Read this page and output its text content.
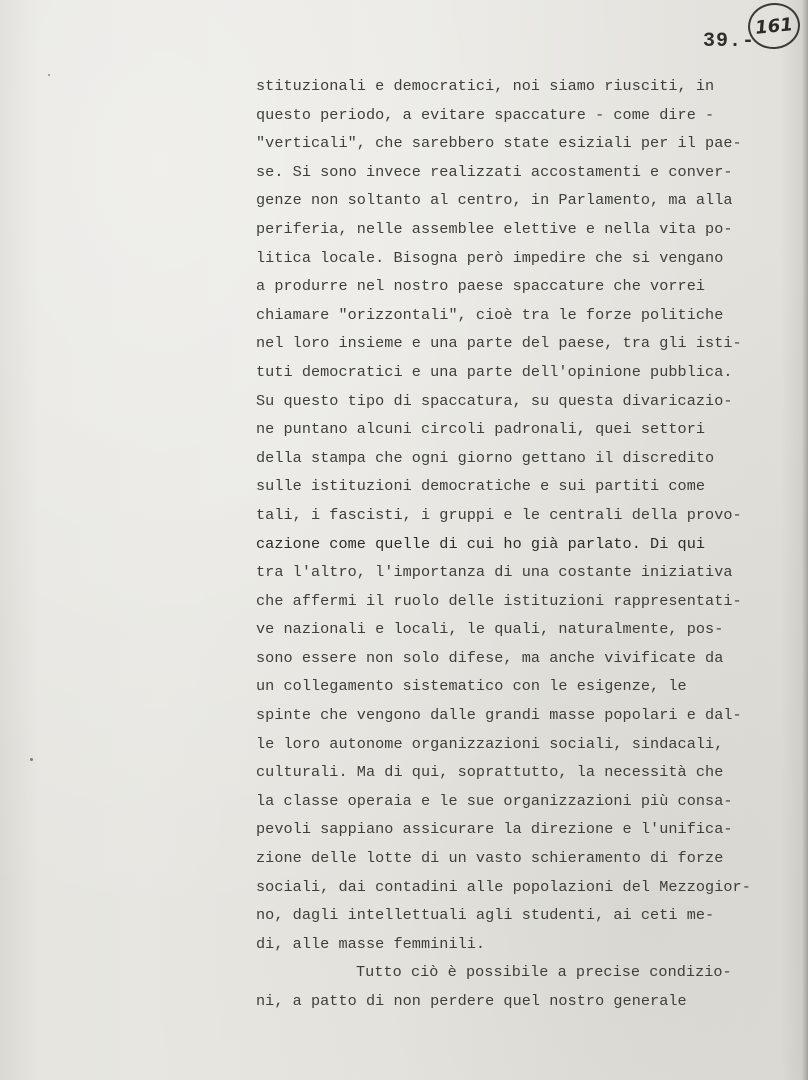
39.-
161
stituzionali e democratici, noi siamo riusciti, in
questo periodo, a evitare spaccature - come dire -
"verticali", che sarebbero state esiziali per il pae-
se. Si sono invece realizzati accostamenti e conver-
genze non soltanto al centro, in Parlamento, ma alla
periferia, nelle assemblee elettive e nella vita po-
litica locale. Bisogna però impedire che si vengano
a produrre nel nostro paese spaccature che vorrei
chiamare "orizzontali", cioè tra le forze politiche
nel loro insieme e una parte del paese, tra gli isti-
tuti democratici e una parte dell'opinione pubblica.
Su questo tipo di spaccatura, su questa divaricazio-
ne puntano alcuni circoli padronali, quei settori
della stampa che ogni giorno gettano il discredito
sulle istituzioni democratiche e sui partiti come
tali, i fascisti, i gruppi e le centrali della provo-
cazione come quelle di cui ho già parlato. Di qui
tra l'altro, l'importanza di una costante iniziativa
che affermi il ruolo delle istituzioni rappresentati-
ve nazionali e locali, le quali, naturalmente, pos-
sono essere non solo difese, ma anche vivificate da
un collegamento sistematico con le esigenze, le
spinte che vengono dalle grandi masse popolari e dal-
le loro autonome organizzazioni sociali, sindacali,
culturali. Ma di qui, soprattutto, la necessità che
la classe operaia e le sue organizzazioni più consa-
pevoli sappiano assicurare la direzione e l'unifica-
zione delle lotte di un vasto schieramento di forze
sociali, dai contadini alle popolazioni del Mezzogior-
no, dagli intellettuali agli studenti, ai ceti me-
di, alle masse femminili.
Tutto ciò è possibile a precise condizio-
ni, a patto di non perdere quel nostro generale
